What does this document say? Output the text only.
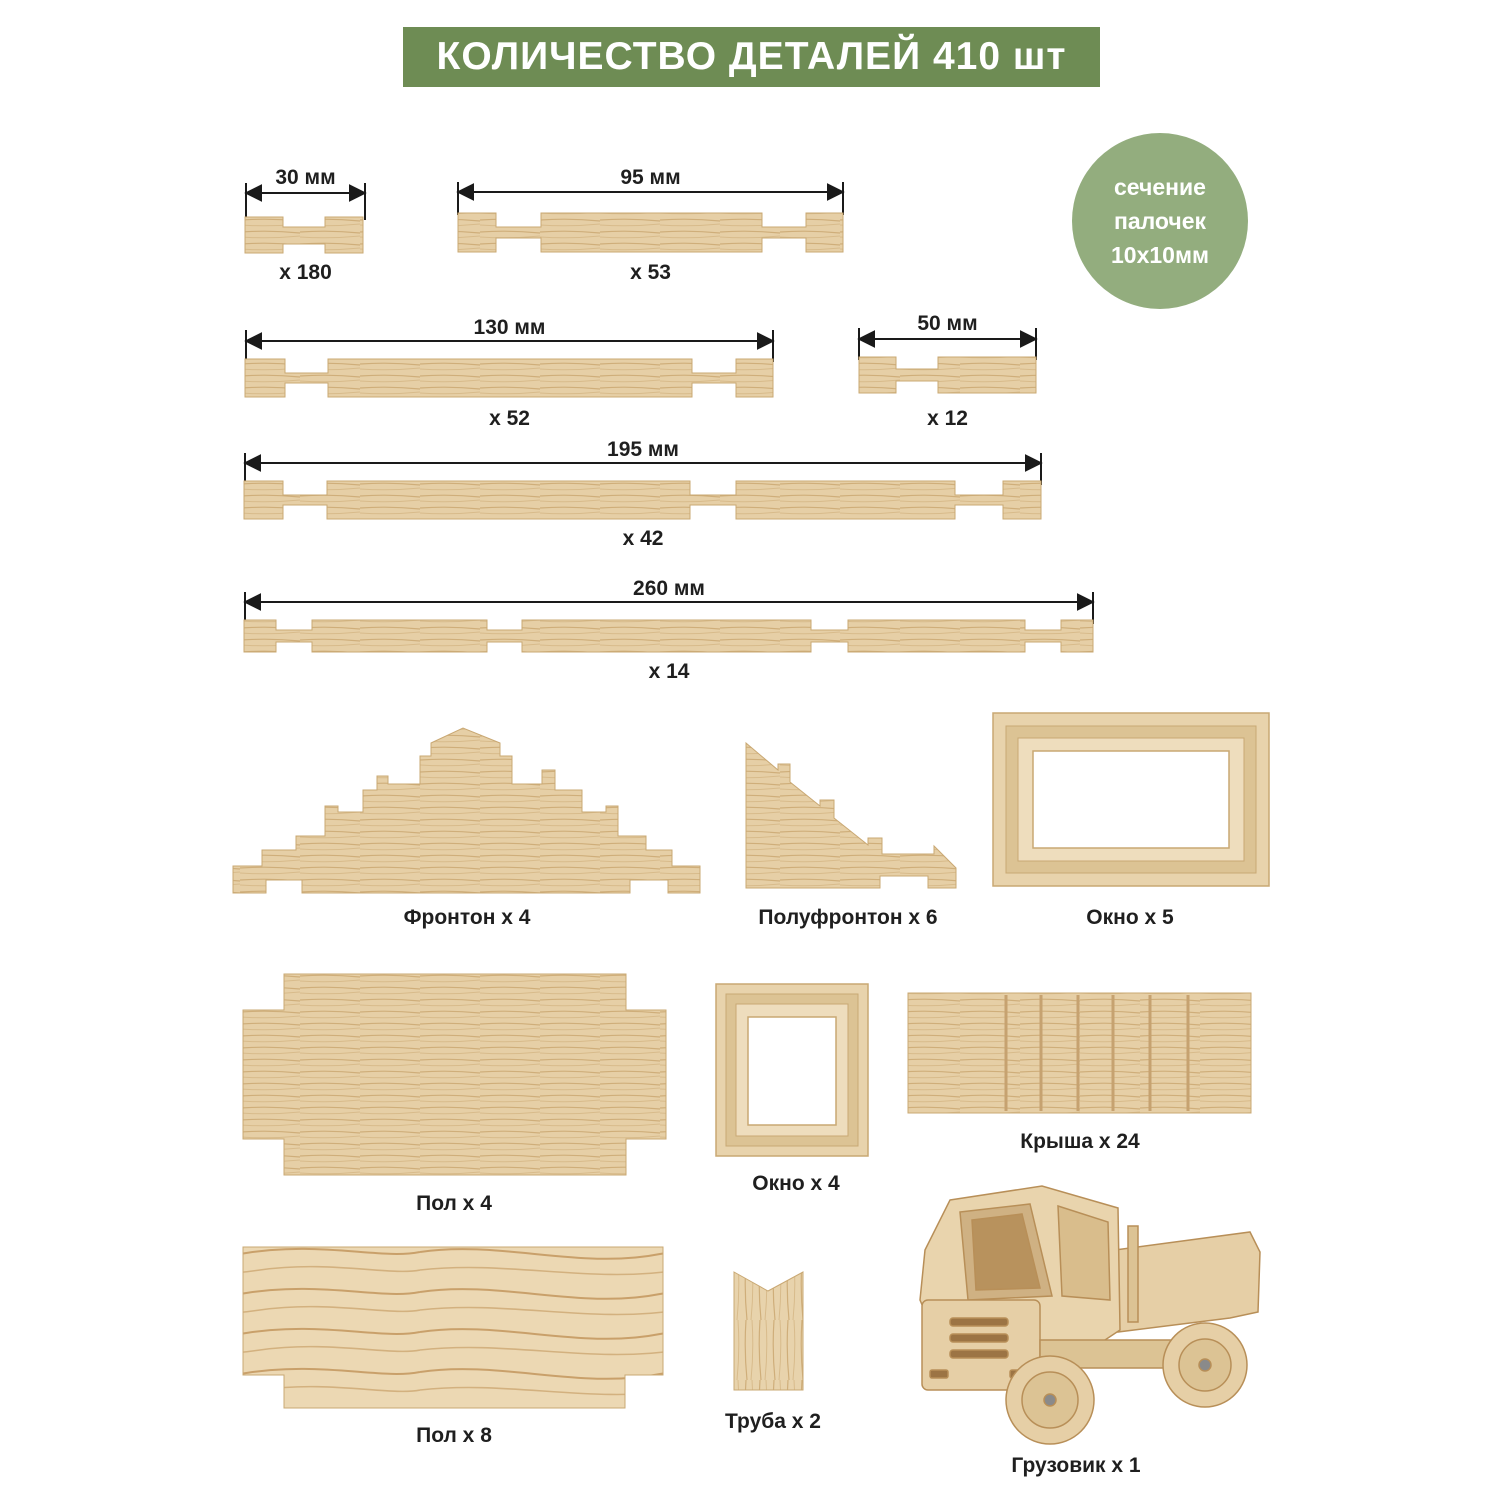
КОЛИЧЕСТВО ДЕТАЛЕЙ 410 шт
сечение
палочек
10х10мм
30 мм
х 180
95 мм
х 53
130 мм
х 52
50 мм
х 12
195 мм
х 42
260 мм
х 14
Фронтон х 4	Полуфронтон х 6	Окно х 5
Пол х 4
Окно х 4
Крыша х 24
Пол х 8
Труба х 2
Грузовик х 1
